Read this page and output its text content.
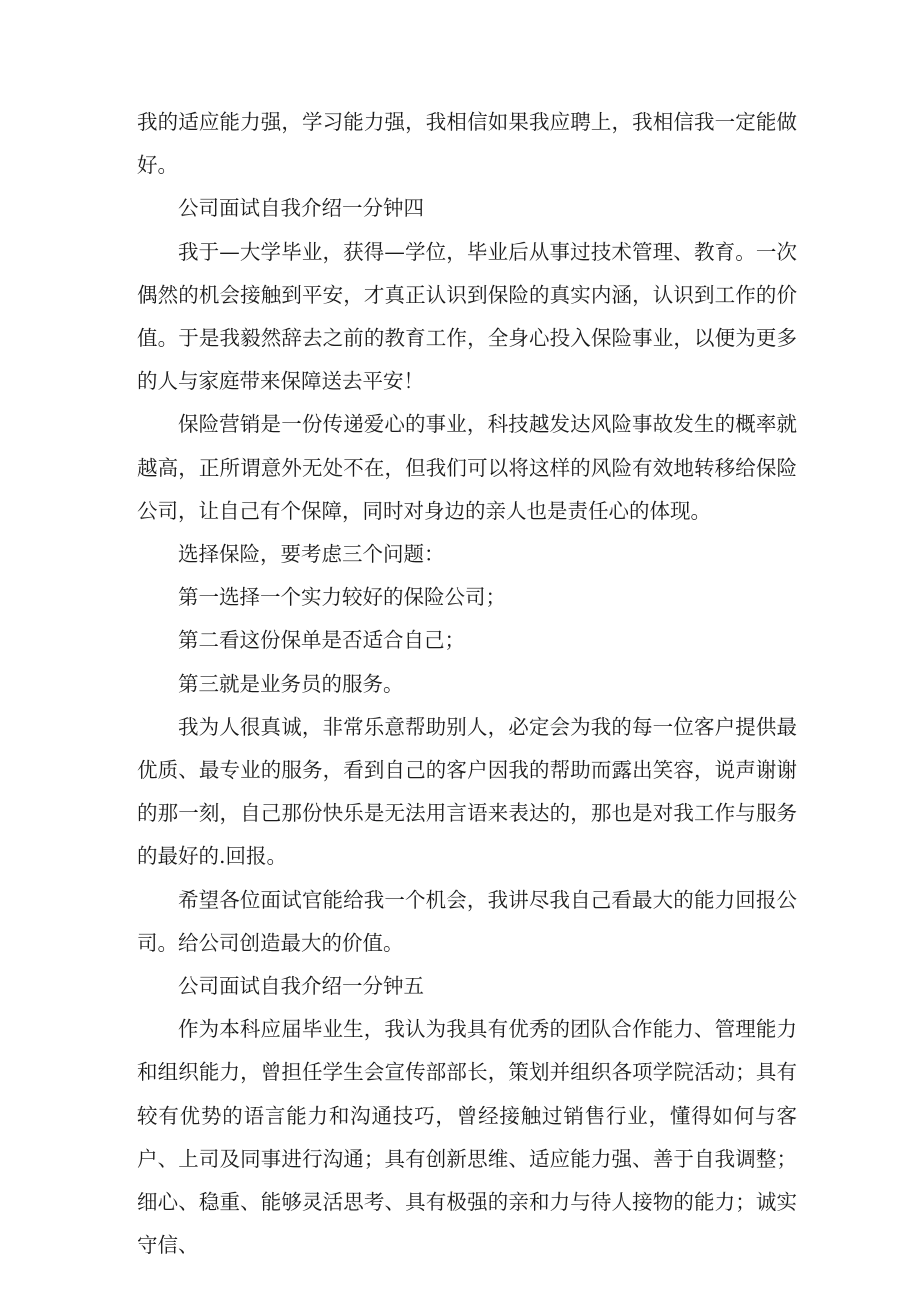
我的适应能力强，学习能力强，我相信如果我应聘上，我相信我一定能做好。

公司面试自我介绍一分钟四

我于—大学毕业，获得—学位，毕业后从事过技术管理、教育。一次偶然的机会接触到平安，才真正认识到保险的真实内涵，认识到工作的价值。于是我毅然辞去之前的教育工作，全身心投入保险事业，以便为更多的人与家庭带来保障送去平安！

保险营销是一份传递爱心的事业，科技越发达风险事故发生的概率就越高，正所谓意外无处不在，但我们可以将这样的风险有效地转移给保险公司，让自己有个保障，同时对身边的亲人也是责任心的体现。

选择保险，要考虑三个问题：

第一选择一个实力较好的保险公司；

第二看这份保单是否适合自己；

第三就是业务员的服务。

我为人很真诚，非常乐意帮助别人，必定会为我的每一位客户提供最优质、最专业的服务，看到自己的客户因我的帮助而露出笑容，说声谢谢的那一刻，自己那份快乐是无法用言语来表达的，那也是对我工作与服务的最好的.回报。

希望各位面试官能给我一个机会，我讲尽我自己看最大的能力回报公司。给公司创造最大的价值。

公司面试自我介绍一分钟五

作为本科应届毕业生，我认为我具有优秀的团队合作能力、管理能力和组织能力，曾担任学生会宣传部部长，策划并组织各项学院活动；具有较有优势的语言能力和沟通技巧，曾经接触过销售行业，懂得如何与客户、上司及同事进行沟通；具有创新思维、适应能力强、善于自我调整；细心、稳重、能够灵活思考、具有极强的亲和力与待人接物的能力；诚实守信、
